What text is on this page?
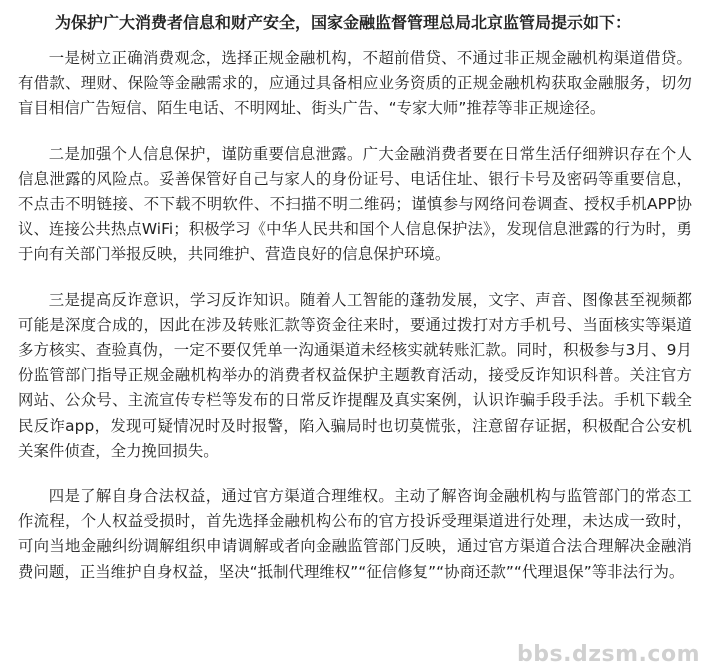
为保护广大消费者信息和财产安全，国家金融监督管理总局北京监管局提示如下：

一是树立正确消费观念，选择正规金融机构，不超前借贷、不通过非正规金融机构渠道借贷。有借款、理财、保险等金融需求的，应通过具备相应业务资质的正规金融机构获取金融服务，切勿盲目相信广告短信、陌生电话、不明网址、街头广告、“专家大师”推荐等非正规途径。

二是加强个人信息保护，谨防重要信息泄露。广大金融消费者要在日常生活仔细辨识存在个人信息泄露的风险点。妥善保管好自己与家人的身份证号、电话住址、银行卡号及密码等重要信息，不点击不明链接、不下载不明软件、不扫描不明二维码；谨慎参与网络问卷调查、授权手机APP协议、连接公共热点WiFi；积极学习《中华人民共和国个人信息保护法》，发现信息泄露的行为时，勇于向有关部门举报反映，共同维护、营造良好的信息保护环境。

三是提高反诈意识，学习反诈知识。随着人工智能的蓬勃发展，文字、声音、图像甚至视频都可能是深度合成的，因此在涉及转账汇款等资金往来时，要通过拨打对方手机号、当面核实等渠道多方核实、查验真伪，一定不要仅凭单一沟通渠道未经核实就转账汇款。同时，积极参与3月、9月份监管部门指导正规金融机构举办的消费者权益保护主题教育活动，接受反诈知识科普。关注官方网站、公众号、主流宣传专栏等发布的日常反诈提醒及真实案例，认识诈骗手段手法。手机下载全民反诈app，发现可疑情况时及时报警，陷入骗局时也切莫慌张，注意留存证据，积极配合公安机关案件侦查，全力挽回损失。

四是了解自身合法权益，通过官方渠道合理维权。主动了解咨询金融机构与监管部门的常态工作流程，个人权益受损时，首先选择金融机构公布的官方投诉受理渠道进行处理，未达成一致时，可向当地金融纠纷调解组织申请调解或者向金融监管部门反映，通过官方渠道合法合理解决金融消费问题，正当维护自身权益，坚决“抵制代理维权”“征信修复”“协商还款”“代理退保”等非法行为。

bbs.dzsm.com
